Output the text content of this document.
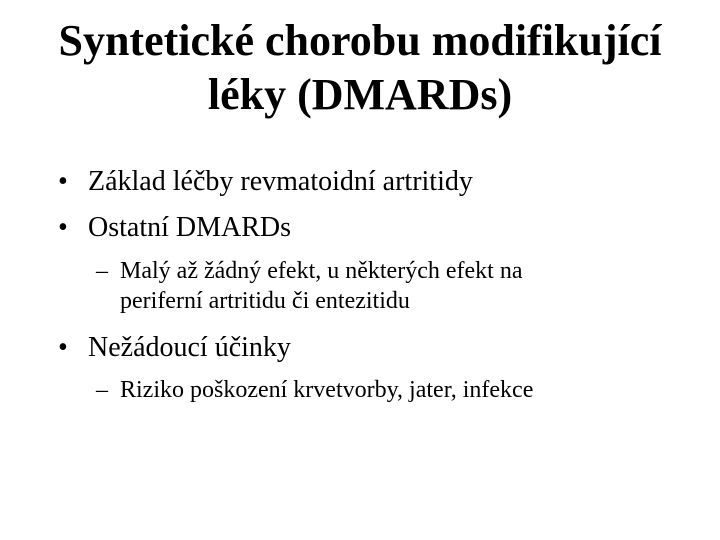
Syntetické chorobu modifikující
léky (DMARDs)
• Základ léčby revmatoidní artritidy
• Ostatní DMARDs
– Malý až žádný efekt, u některých efekt na
periferní artritidu či entezitidu
• Nežádoucí účinky
– Riziko poškození krvetvorby, jater, infekce
